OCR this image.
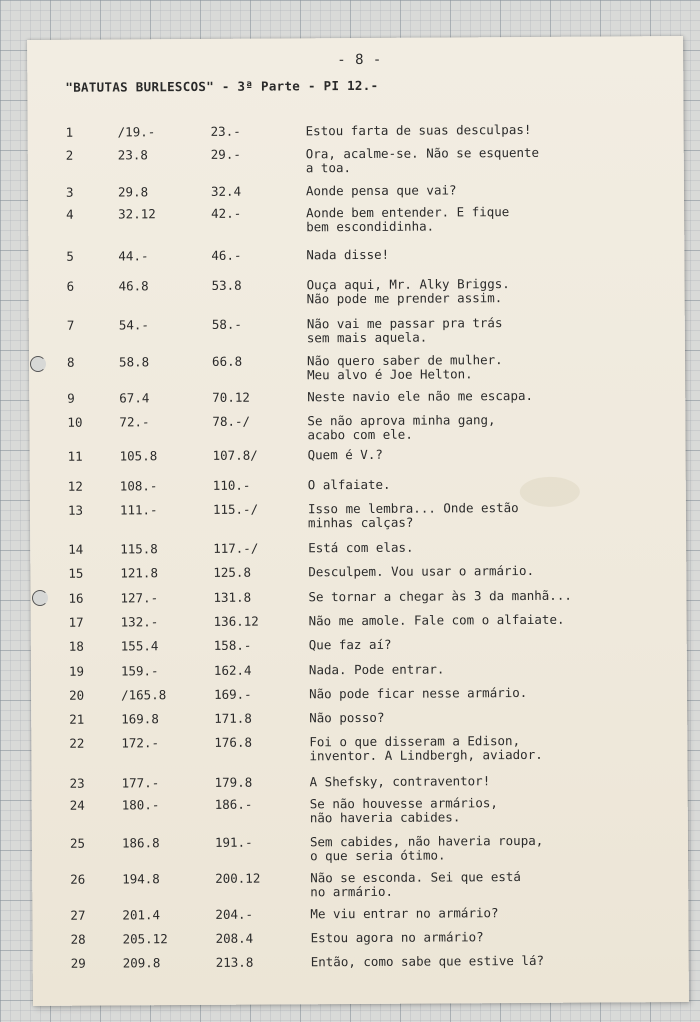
- 8 -
"BATUTAS BURLESCOS" - 3ª Parte - PI 12.-
1	/19.-	23.-	Estou farta de suas desculpas!
2	23.8	29.-	Ora, acalme-se. Não se esquente
a toa.
3	29.8	32.4	Aonde pensa que vai?
4	32.12	42.-	Aonde bem entender. E fique
bem escondidinha.
5	44.-	46.-	Nada disse!
6	46.8	53.8	Ouça aqui, Mr. Alky Briggs.
Não pode me prender assim.
7	54.-	58.-	Não vai me passar pra trás
sem mais aquela.
8	58.8	66.8	Não quero saber de mulher.
Meu alvo é Joe Helton.
9	67.4	70.12	Neste navio ele não me escapa.
10	72.-	78.-/	Se não aprova minha gang,
acabo com ele.
11	105.8	107.8/	Quem é V.?
12	108.-	110.-	O alfaiate.
13	111.-	115.-/	Isso me lembra... Onde estão
minhas calças?
14	115.8	117.-/	Está com elas.
15	121.8	125.8	Desculpem. Vou usar o armário.
16	127.-	131.8	Se tornar a chegar às 3 da manhã...
17	132.-	136.12	Não me amole. Fale com o alfaiate.
18	155.4	158.-	Que faz aí?
19	159.-	162.4	Nada. Pode entrar.
20	/165.8	169.-	Não pode ficar nesse armário.
21	169.8	171.8	Não posso?
22	172.-	176.8	Foi o que disseram a Edison,
inventor. A Lindbergh, aviador.
23	177.-	179.8	A Shefsky, contraventor!
24	180.-	186.-	Se não houvesse armários,
não haveria cabides.
25	186.8	191.-	Sem cabides, não haveria roupa,
o que seria ótimo.
26	194.8	200.12	Não se esconda. Sei que está
no armário.
27	201.4	204.-	Me viu entrar no armário?
28	205.12	208.4	Estou agora no armário?
29	209.8	213.8	Então, como sabe que estive lá?
